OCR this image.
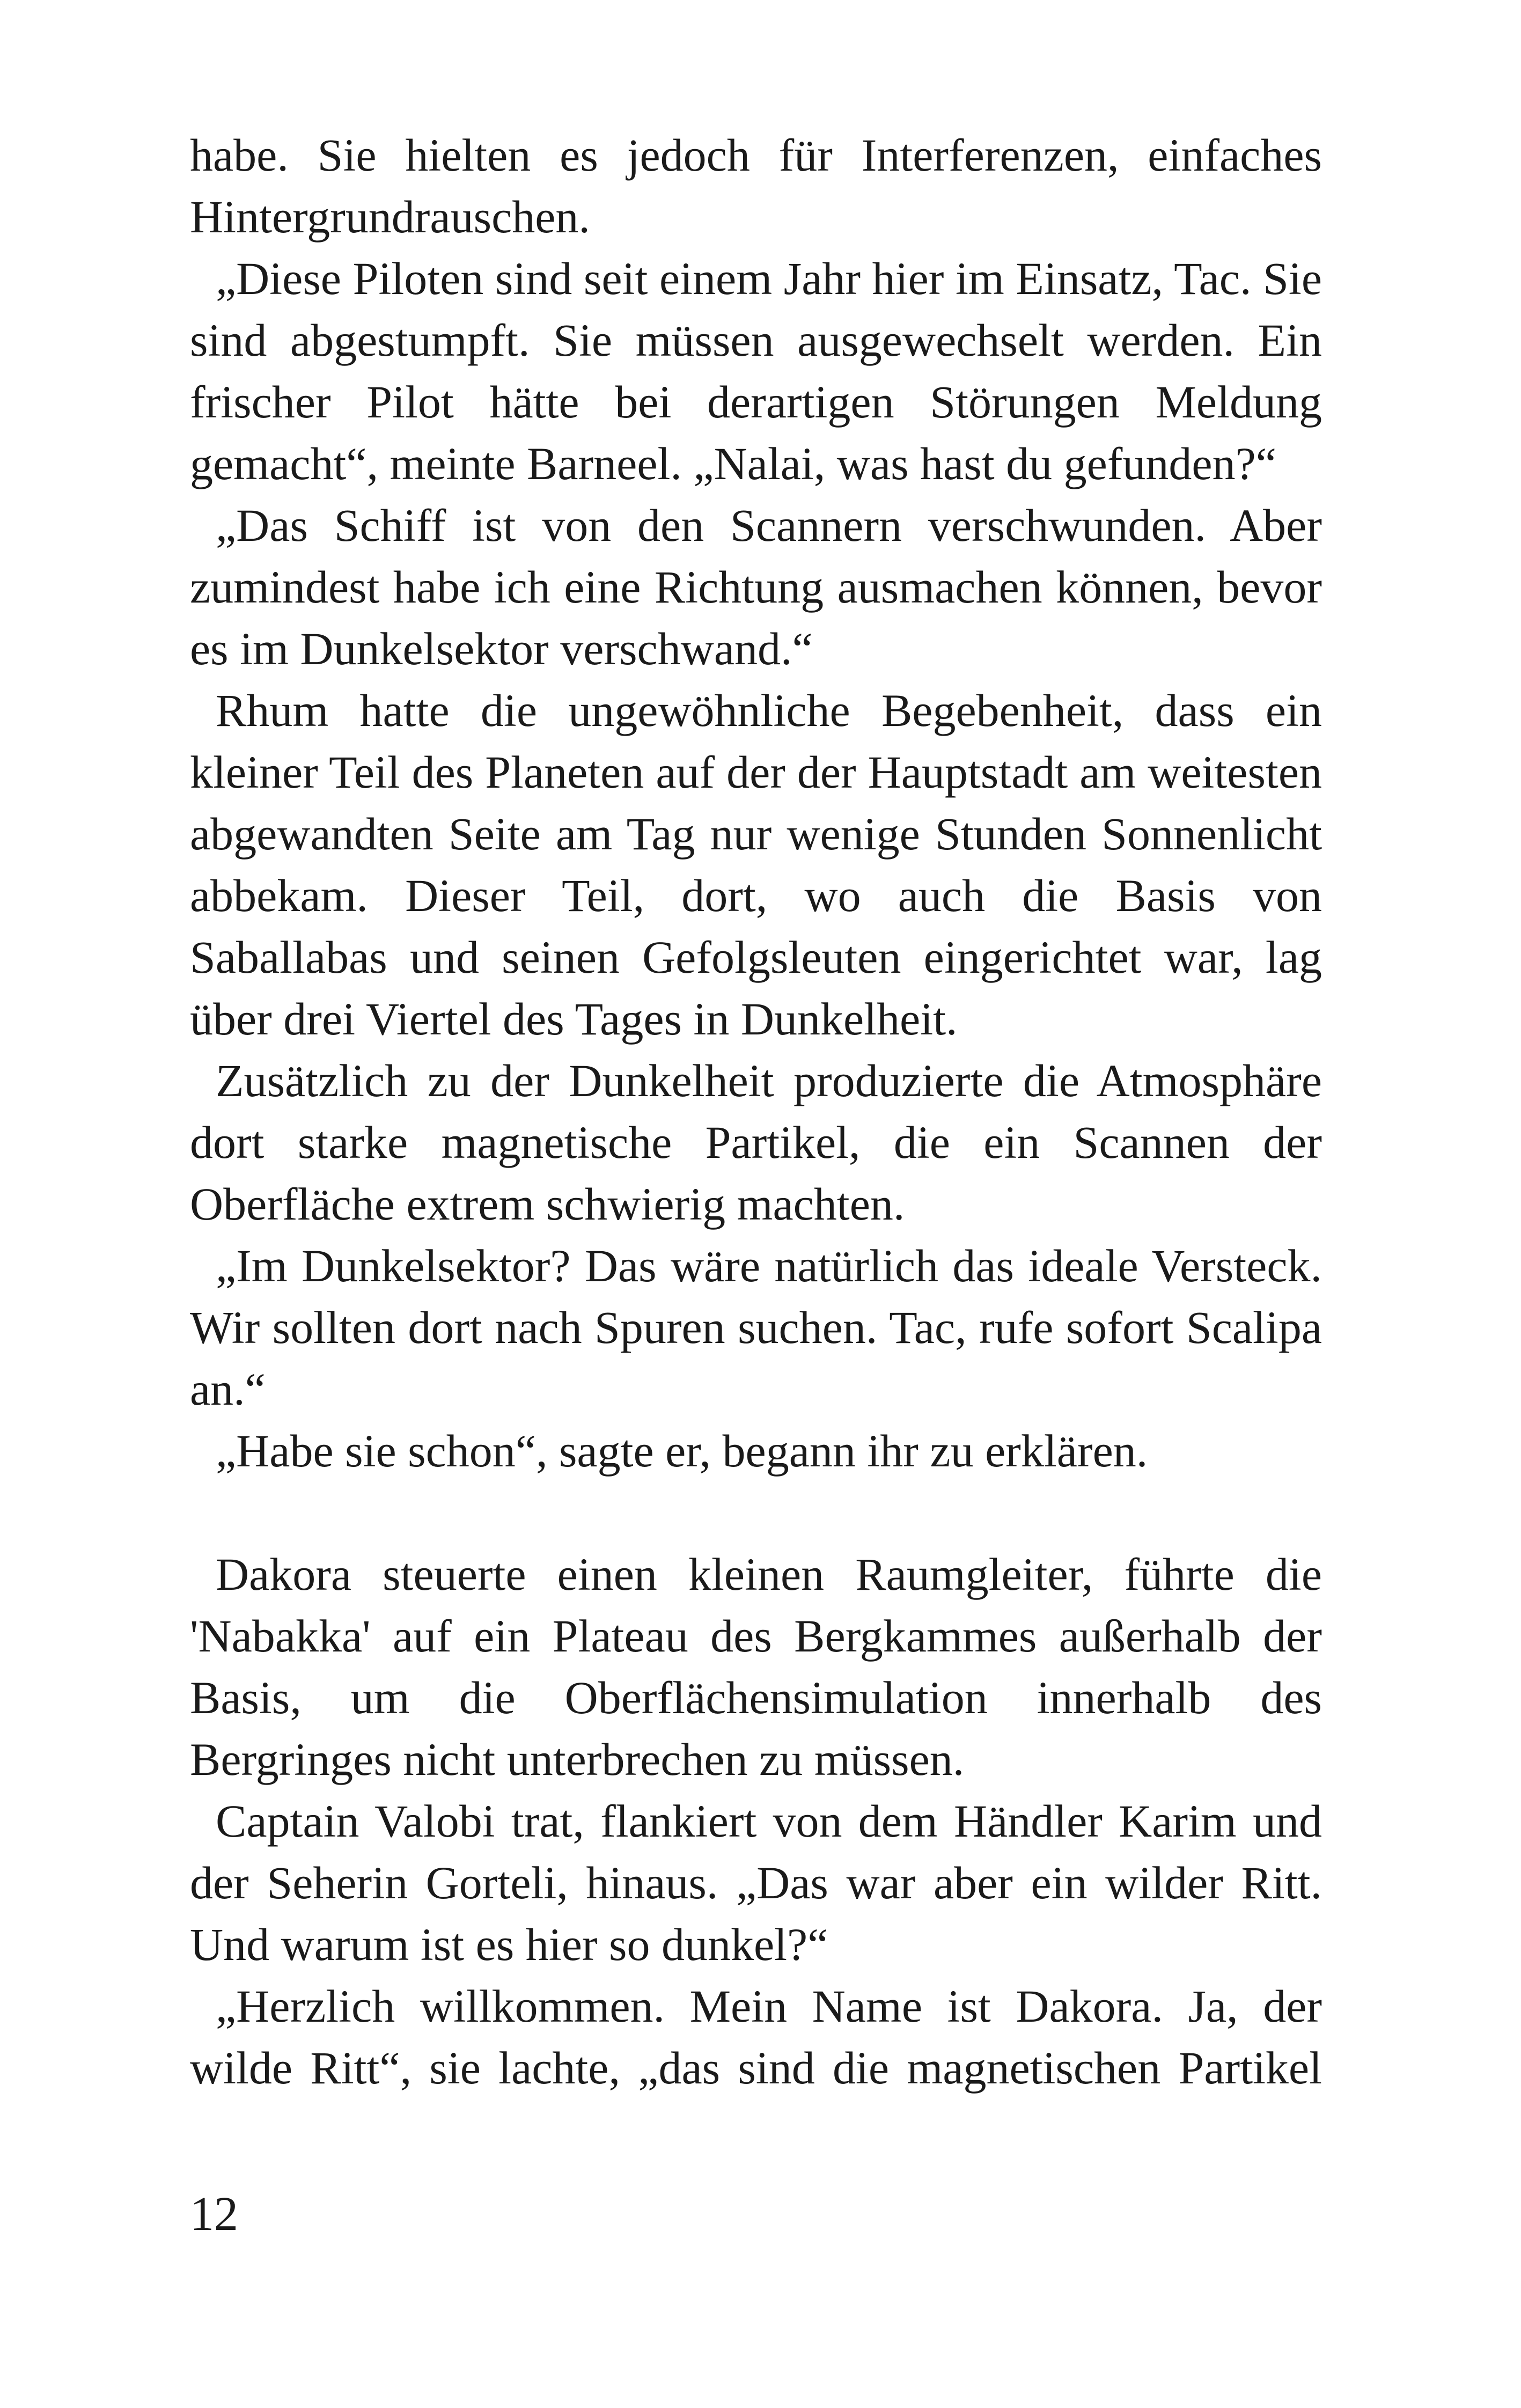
habe. Sie hielten es jedoch für Interferenzen, einfaches Hintergrundrauschen.

„Diese Piloten sind seit einem Jahr hier im Einsatz, Tac. Sie sind abgestumpft. Sie müssen ausgewechselt werden. Ein frischer Pilot hätte bei derartigen Störungen Meldung gemacht“, meinte Barneel. „Nalai, was hast du gefunden?“

„Das Schiff ist von den Scannern verschwunden. Aber zumindest habe ich eine Richtung ausmachen können, bevor es im Dunkelsektor verschwand.“

Rhum hatte die ungewöhnliche Begebenheit, dass ein kleiner Teil des Planeten auf der der Hauptstadt am weitesten abgewandten Seite am Tag nur wenige Stunden Sonnenlicht abbekam. Dieser Teil, dort, wo auch die Basis von Saballabas und seinen Gefolgsleuten eingerichtet war, lag über drei Viertel des Tages in Dunkelheit.

Zusätzlich zu der Dunkelheit produzierte die Atmosphäre dort starke magnetische Partikel, die ein Scannen der Oberfläche extrem schwierig machten.

„Im Dunkelsektor? Das wäre natürlich das ideale Versteck. Wir sollten dort nach Spuren suchen. Tac, rufe sofort Scalipa an.“

„Habe sie schon“, sagte er, begann ihr zu erklären.

Dakora steuerte einen kleinen Raumgleiter, führte die 'Nabakka' auf ein Plateau des Bergkammes außerhalb der Basis, um die Oberflächensimulation innerhalb des Bergringes nicht unterbrechen zu müssen.

Captain Valobi trat, flankiert von dem Händler Karim und der Seherin Gorteli, hinaus. „Das war aber ein wilder Ritt. Und warum ist es hier so dunkel?“

„Herzlich willkommen. Mein Name ist Dakora. Ja, der wilde Ritt“, sie lachte, „das sind die magnetischen Partikel

12
